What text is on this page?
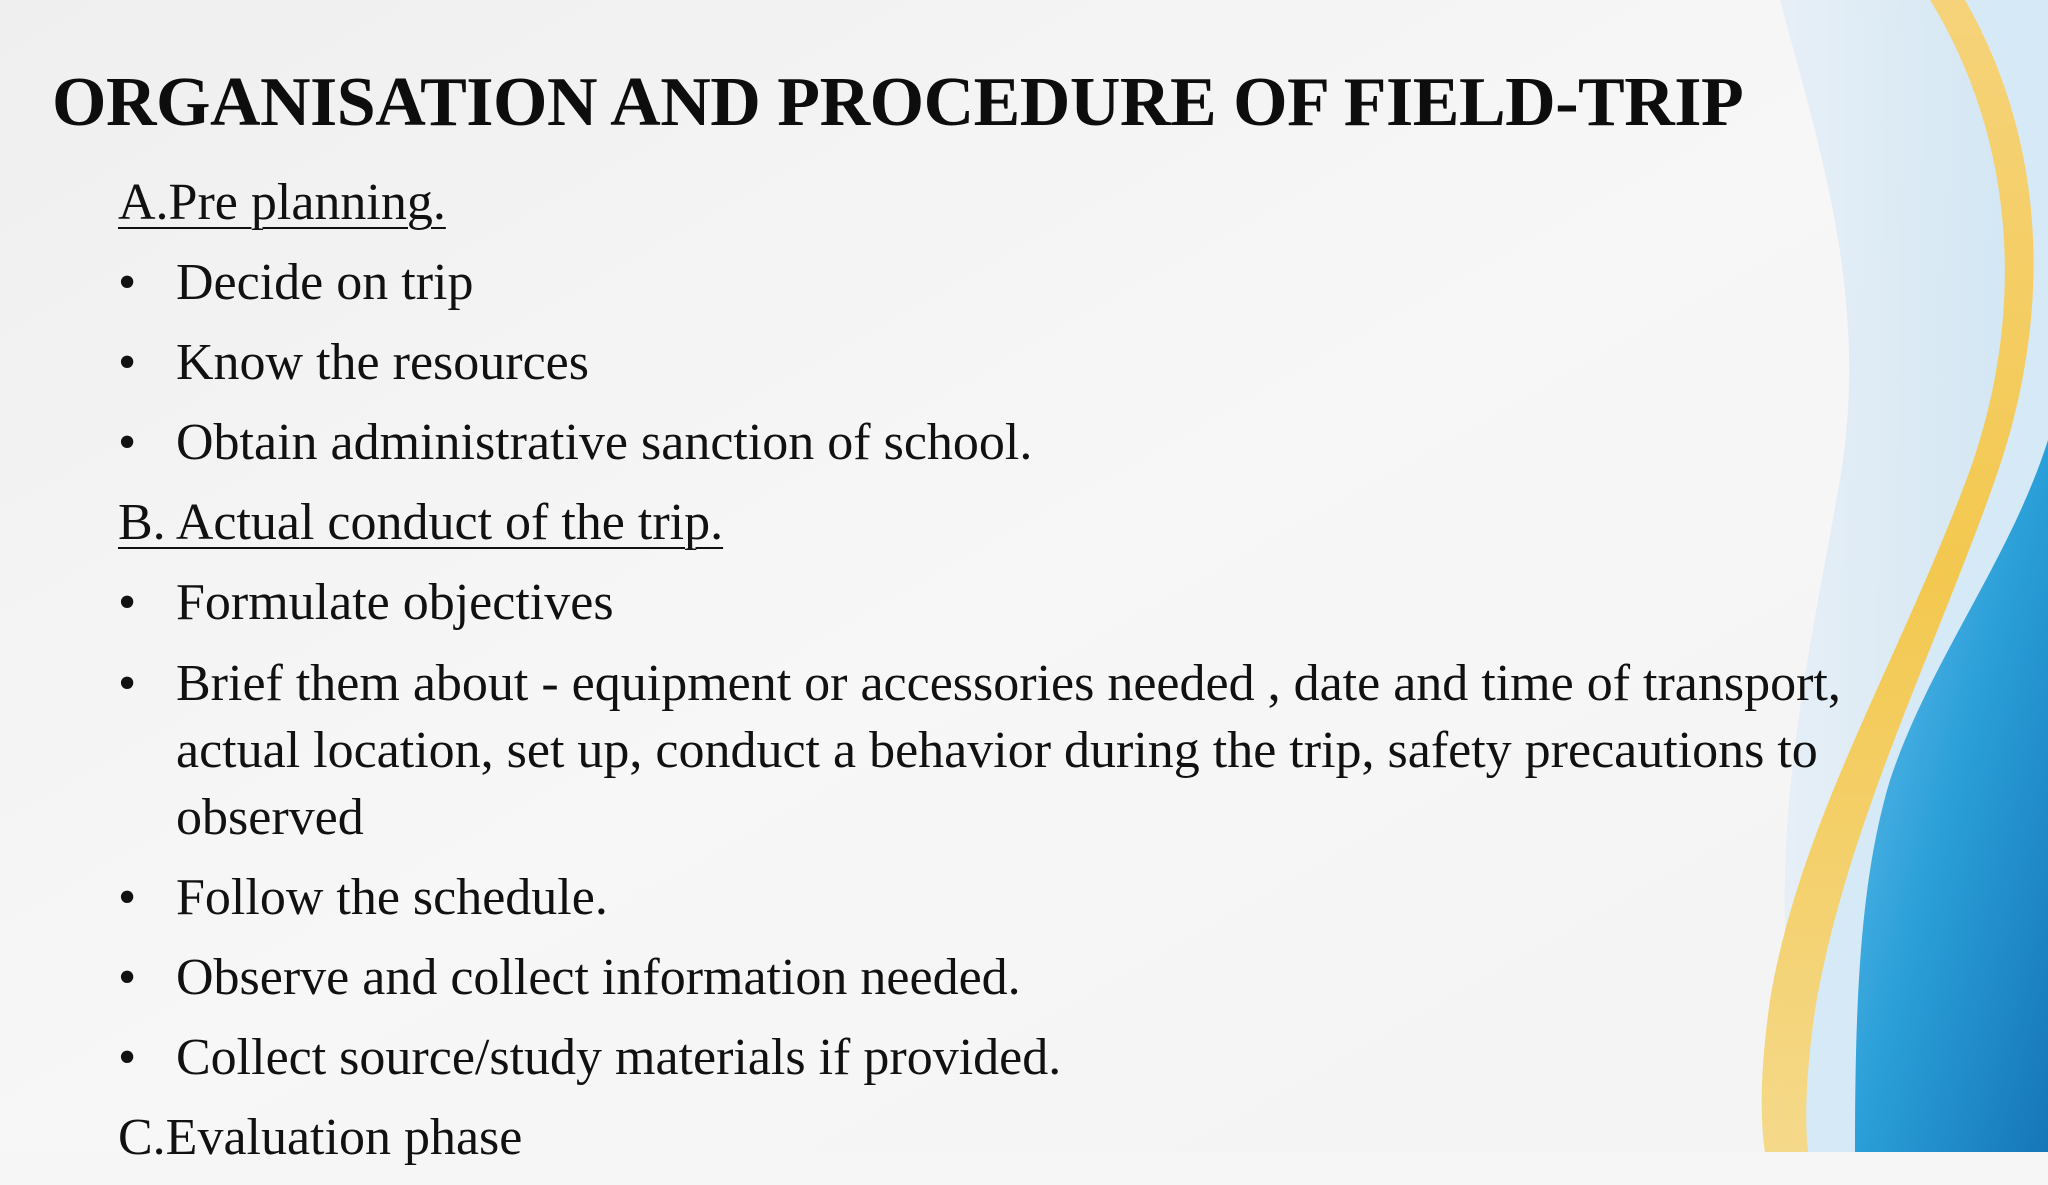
ORGANISATION AND PROCEDURE OF FIELD-TRIP
A.Pre planning.
• Decide on trip
• Know the resources
• Obtain administrative sanction of school.
B. Actual conduct of the trip.
• Formulate objectives
• Brief them about - equipment or accessories needed , date and time of transport, actual location, set up, conduct a behavior during the trip, safety precautions to observed
• Follow the schedule.
• Observe and collect information needed.
• Collect source/study materials if provided.
C.Evaluation phase
